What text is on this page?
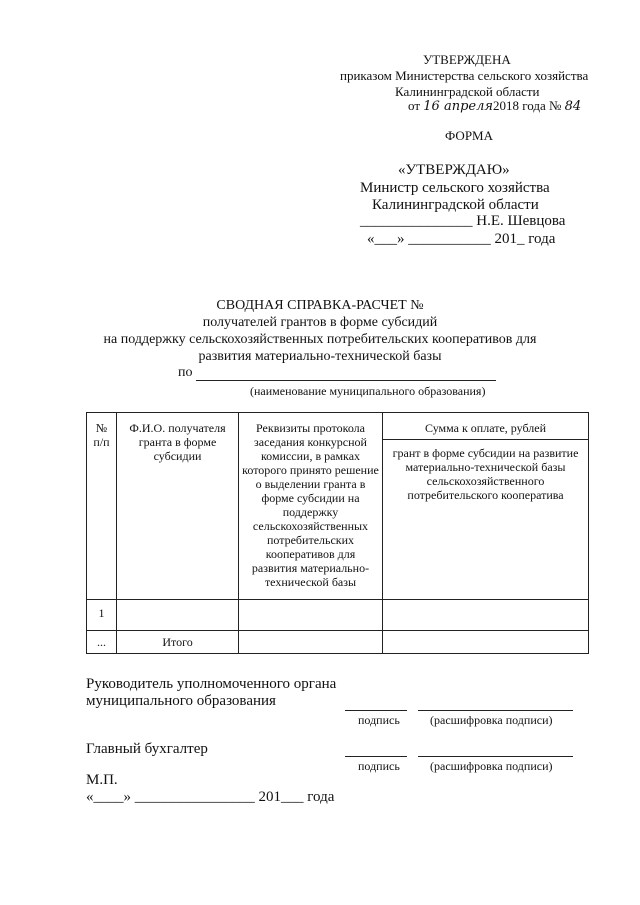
УТВЕРЖДЕНА
приказом Министерства сельского хозяйства
Калининградской области
от 16 апреля2018 года № 84
ФОРМА
«УТВЕРЖДАЮ»
Министр сельского хозяйства
Калининградской области
_______________ Н.Е. Шевцова
«___» ___________ 201_ года
СВОДНАЯ СПРАВКА-РАСЧЕТ №
получателей грантов в форме субсидий
на поддержку сельскохозяйственных потребительских кооперативов для
развития материально-технической базы
по
(наименование муниципального образования)
№ п/п	Ф.И.О. получателя гранта в форме субсидии	Реквизиты протокола заседания конкурсной комиссии, в рамках которого принято решение о выделении гранта в форме субсидии на поддержку сельскохозяйственных потребительских кооперативов для развития материально-технической базы	Сумма к оплате, рублей
			грант в форме субсидии на развитие материально-технической базы сельскохозяйственного потребительского кооператива
1			
...	Итого		
Руководитель уполномоченного органа
муниципального образования
подпись	(расшифровка подписи)
Главный бухгалтер
подпись	(расшифровка подписи)
М.П.
«____» ________________ 201___ года
